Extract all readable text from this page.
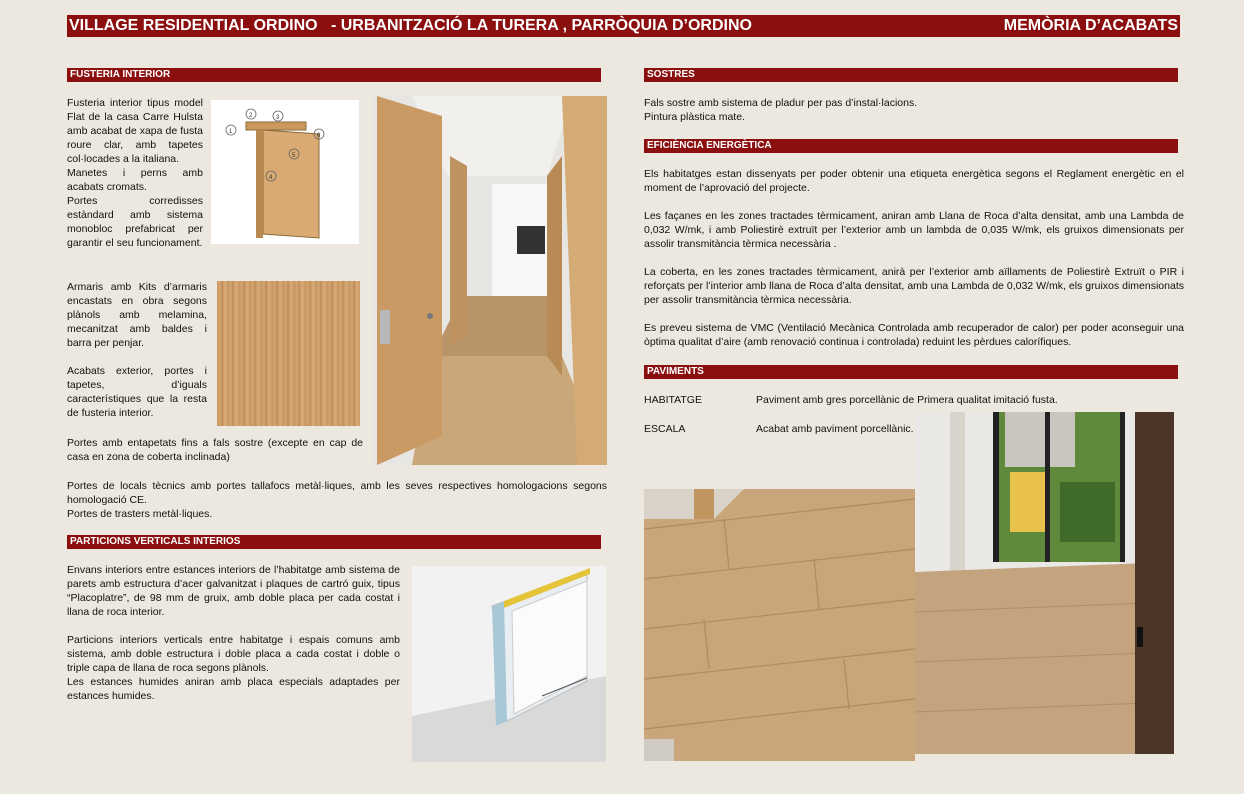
VILLAGE RESIDENTIAL ORDINO   - URBANITZACIÓ LA TURERA , PARRÒQUIA D’ORDINO	MEMÒRIA D’ACABATS
FUSTERIA INTERIOR

Fusteria interior tipus model Flat de la casa Carre Hulsta amb acabat de xapa de fusta roure clar, amb tapetes col·locades a la italiana.

Manetes i perns amb acabats cromats.

Portes corredisses estàndard amb sistema monobloc prefabricat per garantir el seu funcionament.

2	3
1
4
5
6

Armaris amb Kits d’armaris encastats en obra segons plànols amb melamina, mecanitzat amb baldes i barra per penjar.

Acabats exterior, portes i tapetes, d’iguals característiques que la resta de fusteria interior.

Portes amb entapetats fins a fals sostre (excepte en cap de casa en zona de coberta inclinada)

Portes de locals tècnics amb portes tallafocs metàl·liques, amb les seves respectives homologacions segons homologació CE.

Portes de trasters metàl·liques.

PARTICIONS VERTICALS INTERIOS

Envans interiors entre estances interiors de l’habitatge amb sistema de parets amb estructura d’acer galvanitzat i plaques de cartró guix, tipus “Placoplatre”, de 98 mm de gruix, amb doble placa per cada costat i llana de roca interior.

Particions interiors verticals entre habitatge i espais comuns amb sistema, amb doble estructura i doble placa a cada costat i doble o triple capa de llana de roca segons plànols.

Les estances humides aniran amb placa especials adaptades per estances humides.

SOSTRES

Fals sostre amb sistema de pladur per pas d’instal·lacions.

Pintura plàstica mate.

EFICIÈNCIA ENERGÈTICA

Els habitatges estan dissenyats per poder obtenir una etiqueta energètica segons el Reglament energètic en el moment de l’aprovació del projecte.

Les façanes en les zones tractades tèrmicament, aniran amb Llana de Roca d’alta densitat, amb una Lambda de 0,032 W/mk, i amb Poliestirè extruït per l’exterior amb un lambda de 0,035 W/mk, els gruixos dimensionats per assolir transmitància tèrmica necessària .

La coberta, en les zones tractades tèrmicament, anirà per l’exterior amb aïllaments de Poliestirè Extruït o PIR i reforçats per l’interior amb llana de Roca d’alta densitat, amb una Lambda de 0,032 W/mk, els gruixos dimensionats per assolir transmitància tèrmica necessària.

Es preveu sistema de VMC (Ventilació Mecànica Controlada amb recuperador de calor) per poder aconseguir una òptima qualitat d’aire (amb renovació continua i controlada) reduint les pèrdues calorífiques.

PAVIMENTS
HABITATGE	Paviment amb gres porcellànic de Primera qualitat imitació fusta.
ESCALA	Acabat amb paviment porcellànic.
